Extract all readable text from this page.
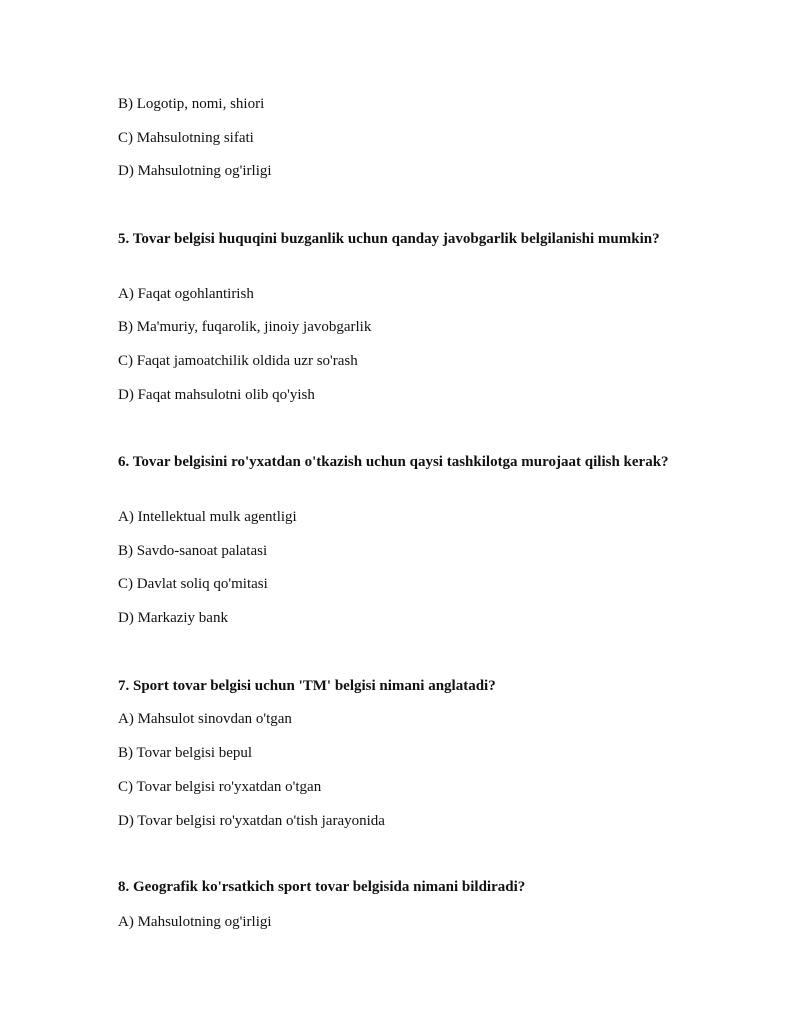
B) Logotip, nomi, shiori
C) Mahsulotning sifati
D) Mahsulotning og'irligi
5. Tovar belgisi huquqini buzganlik uchun qanday javobgarlik belgilanishi mumkin?
A) Faqat ogohlantirish
B) Ma'muriy, fuqarolik, jinoiy javobgarlik
C) Faqat jamoatchilik oldida uzr so'rash
D) Faqat mahsulotni olib qo'yish
6. Tovar belgisini ro'yxatdan o'tkazish uchun qaysi tashkilotga murojaat qilish kerak?
A) Intellektual mulk agentligi
B) Savdo-sanoat palatasi
C) Davlat soliq qo'mitasi
D) Markaziy bank
7. Sport tovar belgisi uchun 'TM' belgisi nimani anglatadi?
A) Mahsulot sinovdan o'tgan
B) Tovar belgisi bepul
C) Tovar belgisi ro'yxatdan o'tgan
D) Tovar belgisi ro'yxatdan o'tish jarayonida
8. Geografik ko'rsatkich sport tovar belgisida nimani bildiradi?
A) Mahsulotning og'irligi
